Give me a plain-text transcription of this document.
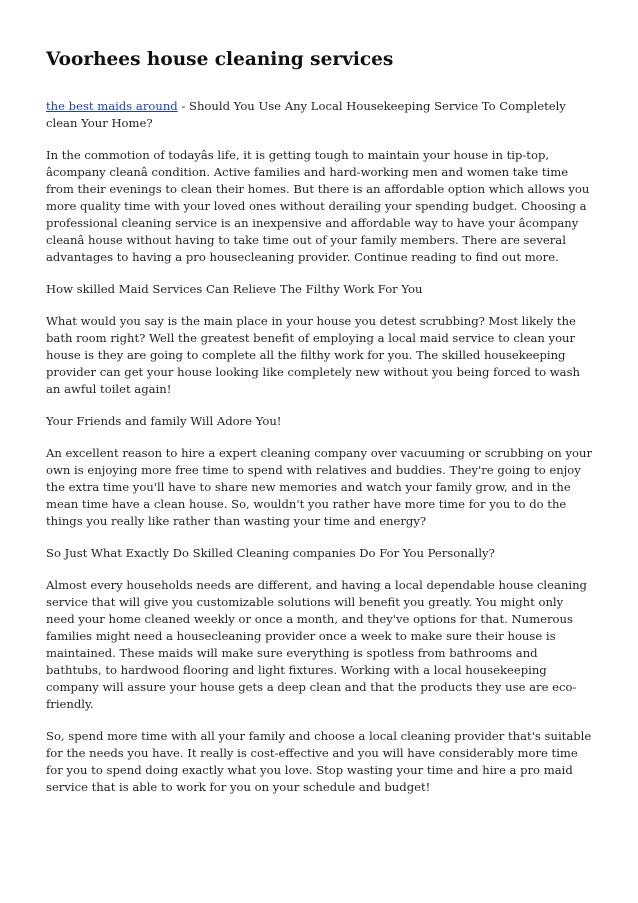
Voorhees house cleaning services

the best maids around - Should You Use Any Local Housekeeping Service To Completely clean Your Home?

In the commotion of todayâs life, it is getting tough to maintain your house in tip-top, âcompany cleanâ condition. Active families and hard-working men and women take time from their evenings to clean their homes. But there is an affordable option which allows you more quality time with your loved ones without derailing your spending budget. Choosing a professional cleaning service is an inexpensive and affordable way to have your âcompany cleanâ house without having to take time out of your family members. There are several advantages to having a pro housecleaning provider. Continue reading to find out more.

How skilled Maid Services Can Relieve The Filthy Work For You

What would you say is the main place in your house you detest scrubbing? Most likely the bath room right? Well the greatest benefit of employing a local maid service to clean your house is they are going to complete all the filthy work for you. The skilled housekeeping provider can get your house looking like completely new without you being forced to wash an awful toilet again!

Your Friends and family Will Adore You!

An excellent reason to hire a expert cleaning company over vacuuming or scrubbing on your own is enjoying more free time to spend with relatives and buddies. They're going to enjoy the extra time you'll have to share new memories and watch your family grow, and in the mean time have a clean house. So, wouldn't you rather have more time for you to do the things you really like rather than wasting your time and energy?

So Just What Exactly Do Skilled Cleaning companies Do For You Personally?

Almost every households needs are different, and having a local dependable house cleaning service that will give you customizable solutions will benefit you greatly. You might only need your home cleaned weekly or once a month, and they've options for that. Numerous families might need a housecleaning provider once a week to make sure their house is maintained. These maids will make sure everything is spotless from bathrooms and bathtubs, to hardwood flooring and light fixtures. Working with a local housekeeping company will assure your house gets a deep clean and that the products they use are eco-friendly.

So, spend more time with all your family and choose a local cleaning provider that's suitable for the needs you have. It really is cost-effective and you will have considerably more time for you to spend doing exactly what you love. Stop wasting your time and hire a pro maid service that is able to work for you on your schedule and budget!
